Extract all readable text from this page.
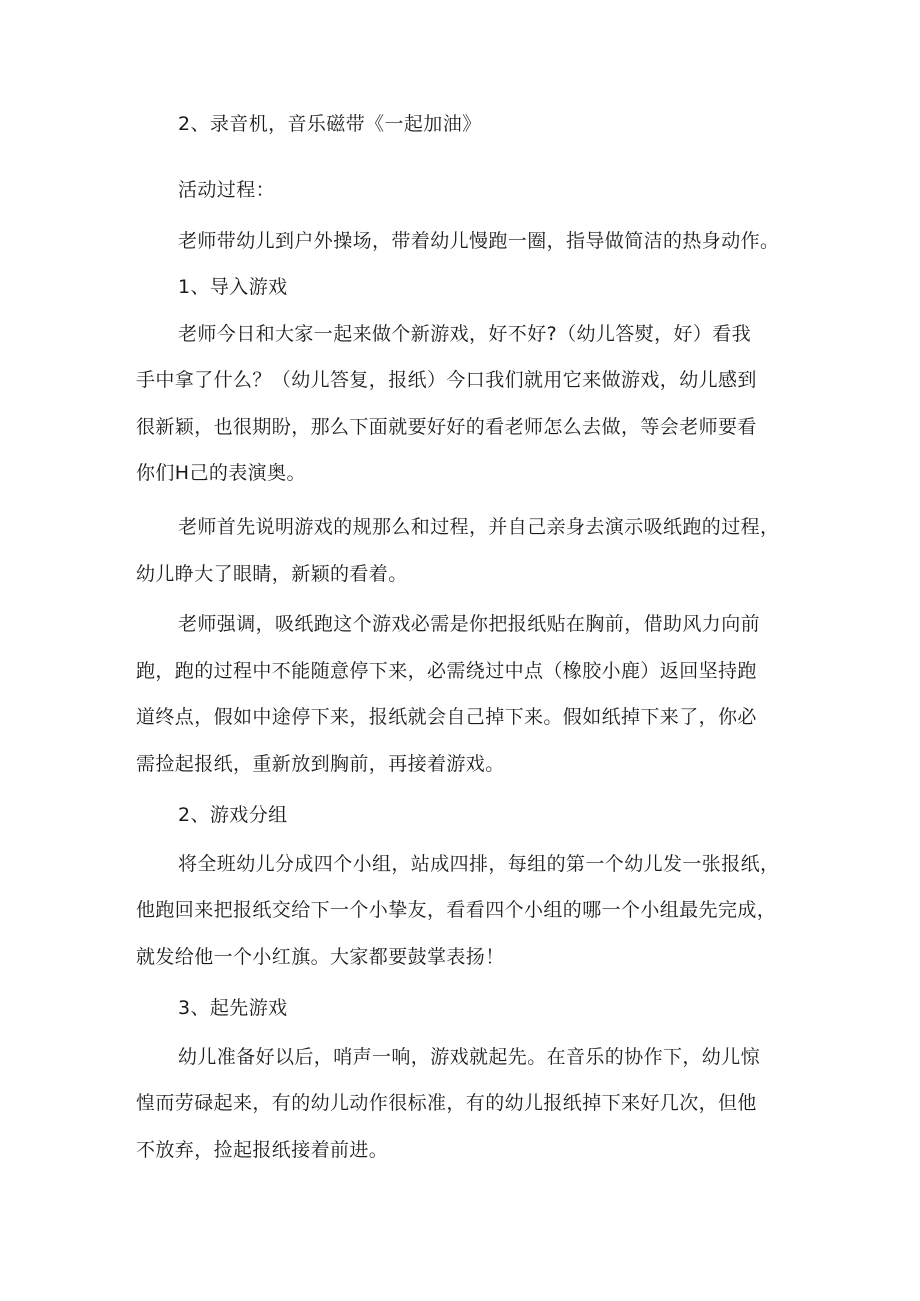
2、录音机，音乐磁带《一起加油》
活动过程：
老师带幼儿到户外操场，带着幼儿慢跑一圈，指导做简洁的热身动作。
1、导入游戏
老师今日和大家一起来做个新游戏，好不好?（幼儿答熨，好）看我
手中拿了什么？（幼儿答复，报纸）今口我们就用它来做游戏，幼儿感到
很新颖，也很期盼，那么下面就要好好的看老师怎么去做，等会老师要看
你们H己的表演奥。
老师首先说明游戏的规那么和过程，并自己亲身去演示吸纸跑的过程，
幼儿睁大了眼睛，新颖的看着。
老师强调，吸纸跑这个游戏必需是你把报纸贴在胸前，借助风力向前
跑，跑的过程中不能随意停下来，必需绕过中点（橡胶小鹿）返回坚持跑
道终点，假如中途停下来，报纸就会自己掉下来。假如纸掉下来了，你必
需捡起报纸，重新放到胸前，再接着游戏。
2、游戏分组
将全班幼儿分成四个小组，站成四排，每组的第一个幼儿发一张报纸，
他跑回来把报纸交给下一个小挚友，看看四个小组的哪一个小组最先完成，
就发给他一个小红旗。大家都要鼓掌表扬！
3、起先游戏
幼儿准备好以后，哨声一响，游戏就起先。在音乐的协作下，幼儿惊
惶而劳碌起来，有的幼儿动作很标准，有的幼儿报纸掉下来好几次，但他
不放弃，捡起报纸接着前进。
